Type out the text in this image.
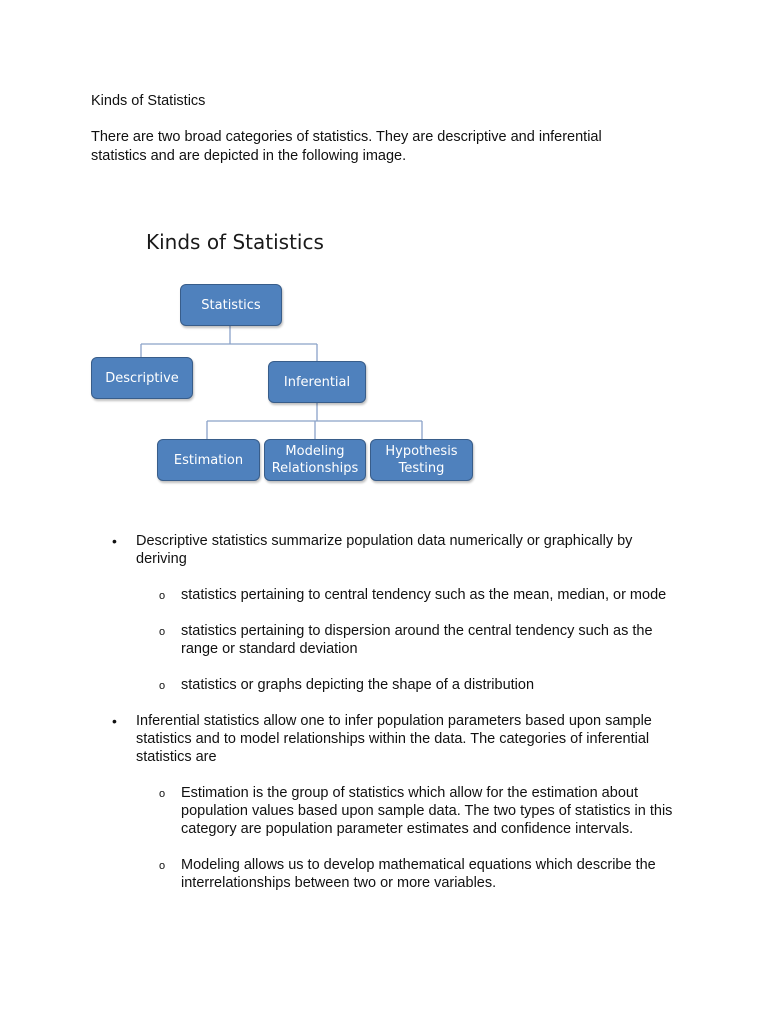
Kinds of Statistics
There are two broad categories of statistics. They are descriptive and inferential statistics and are depicted in the following image.
Kinds of Statistics
Statistics
Descriptive	Inferential
Estimation
Modeling
Relationships
Hypothesis
Testing
• Descriptive statistics summarize population data numerically or graphically by deriving
o statistics pertaining to central tendency such as the mean, median, or mode
o statistics pertaining to dispersion around the central tendency such as the range or standard deviation
o statistics or graphs depicting the shape of a distribution
• Inferential statistics allow one to infer population parameters based upon sample statistics and to model relationships within the data. The categories of inferential statistics are
o Estimation is the group of statistics which allow for the estimation about population values based upon sample data. The two types of statistics in this category are population parameter estimates and confidence intervals.
o Modeling allows us to develop mathematical equations which describe the interrelationships between two or more variables.
